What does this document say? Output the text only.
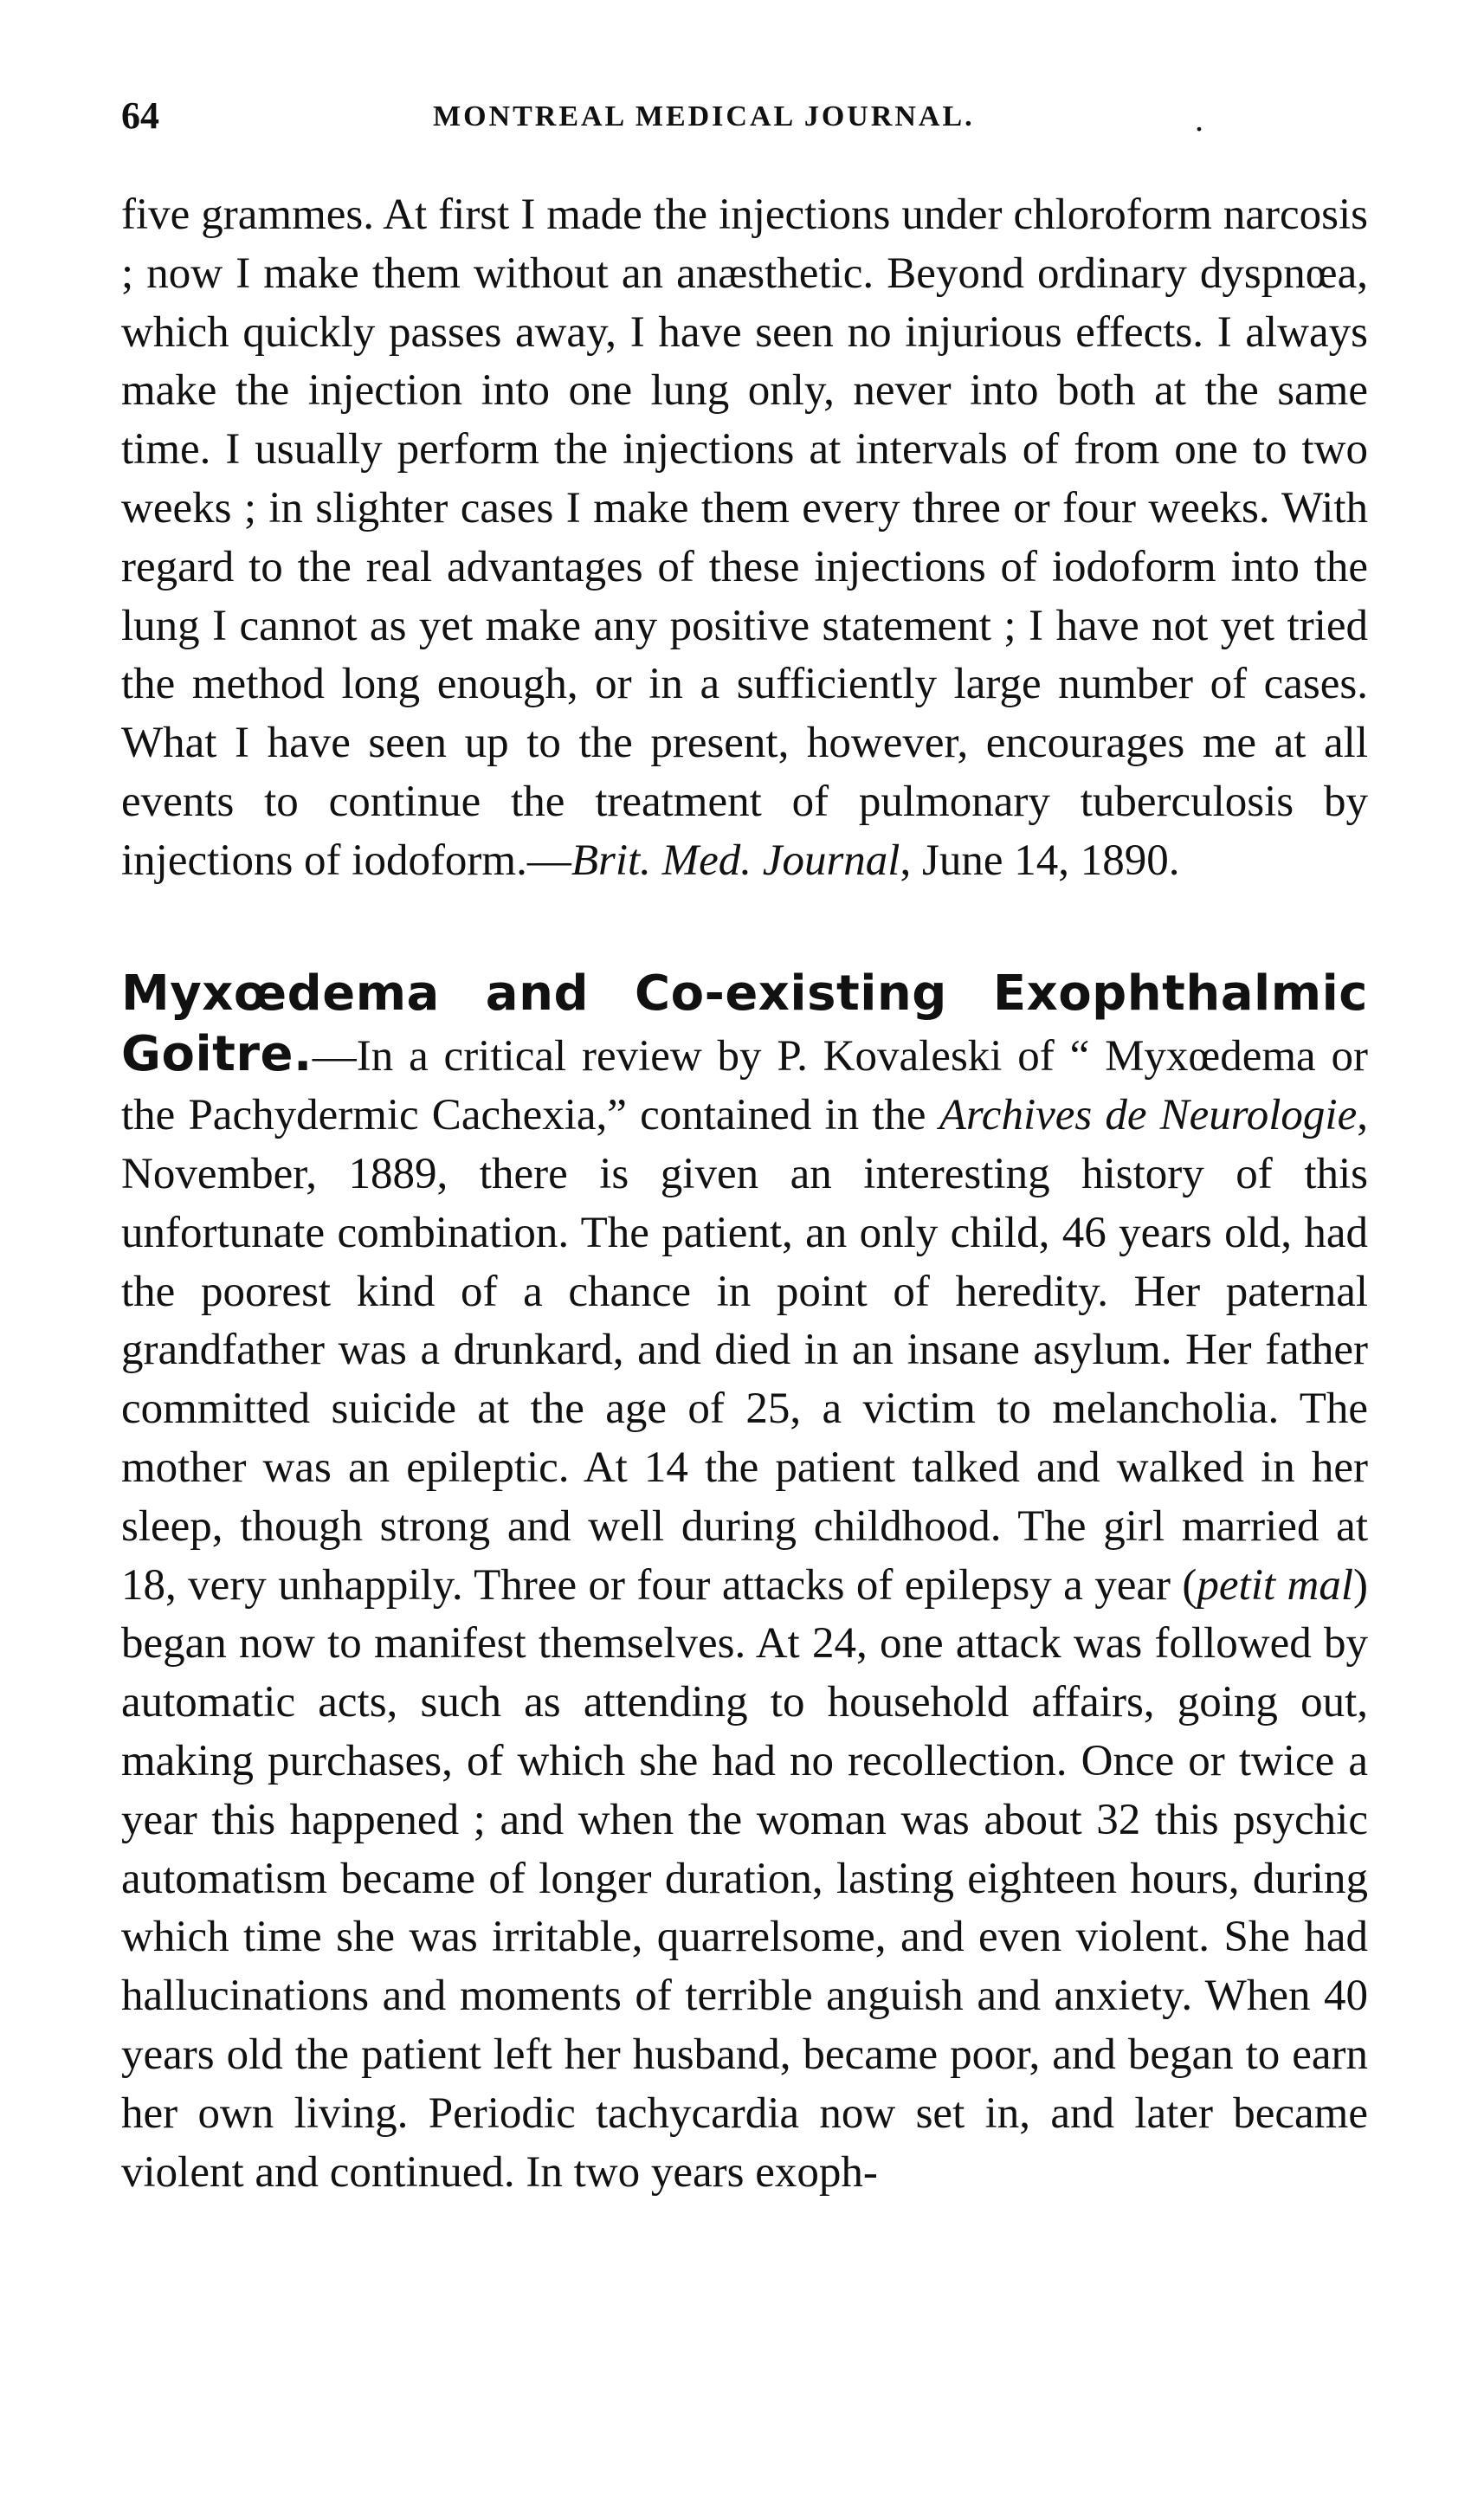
64	MONTREAL MEDICAL JOURNAL.	.

five grammes. At first I made the injections under chloroform narcosis ; now I make them without an anæsthetic. Beyond ordinary dyspnœa, which quickly passes away, I have seen no injurious effects. I always make the injection into one lung only, never into both at the same time. I usually perform the injections at intervals of from one to two weeks ; in slighter cases I make them every three or four weeks. With regard to the real advantages of these injections of iodoform into the lung I cannot as yet make any positive statement ; I have not yet tried the method long enough, or in a sufficiently large number of cases. What I have seen up to the present, however, encourages me at all events to continue the treatment of pulmonary tuberculosis by injections of iodoform.—Brit. Med. Journal, June 14, 1890.

Myxœdema and Co-existing Exophthalmic Goitre.—In a critical review by P. Kovaleski of “ Myxœdema or the Pachydermic Cachexia,” contained in the Archives de Neurologie, November, 1889, there is given an interesting history of this unfortunate combination. The patient, an only child, 46 years old, had the poorest kind of a chance in point of heredity. Her paternal grandfather was a drunkard, and died in an insane asylum. Her father committed suicide at the age of 25, a victim to melancholia. The mother was an epileptic. At 14 the patient talked and walked in her sleep, though strong and well during childhood. The girl married at 18, very unhappily. Three or four attacks of epilepsy a year (petit mal) began now to manifest themselves. At 24, one attack was followed by automatic acts, such as attending to household affairs, going out, making purchases, of which she had no recollection. Once or twice a year this happened ; and when the woman was about 32 this psychic automatism became of longer duration, lasting eighteen hours, during which time she was irritable, quarrelsome, and even violent. She had hallucinations and moments of terrible anguish and anxiety. When 40 years old the patient left her husband, became poor, and began to earn her own living. Periodic tachycardia now set in, and later became violent and continued. In two years exoph-
